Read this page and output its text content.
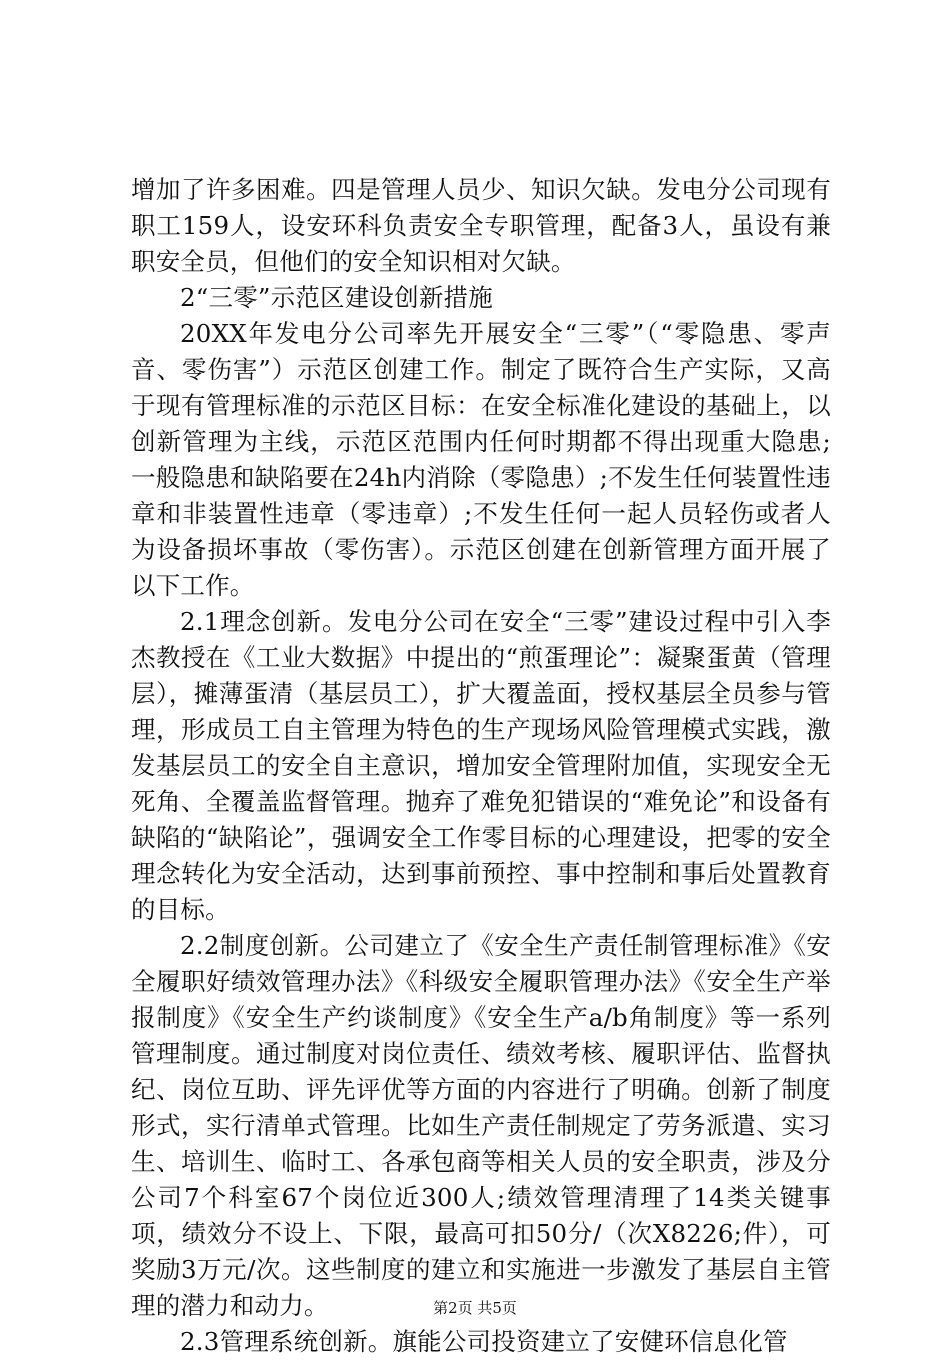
增加了许多困难。四是管理人员少、知识欠缺。发电分公司现有职工159人，设安环科负责安全专职管理，配备3人，虽设有兼职安全员，但他们的安全知识相对欠缺。

2“三零”示范区建设创新措施

20XX年发电分公司率先开展安全“三零”（“零隐患、零声音、零伤害”）示范区创建工作。制定了既符合生产实际，又高于现有管理标准的示范区目标：在安全标准化建设的基础上，以创新管理为主线，示范区范围内任何时期都不得出现重大隐患;一般隐患和缺陷要在24h内消除（零隐患）;不发生任何装置性违章和非装置性违章（零违章）;不发生任何一起人员轻伤或者人为设备损坏事故（零伤害）。示范区创建在创新管理方面开展了以下工作。

2.1理念创新。发电分公司在安全“三零”建设过程中引入李杰教授在《工业大数据》中提出的“煎蛋理论”：凝聚蛋黄（管理层），摊薄蛋清（基层员工），扩大覆盖面，授权基层全员参与管理，形成员工自主管理为特色的生产现场风险管理模式实践，激发基层员工的安全自主意识，增加安全管理附加值，实现安全无死角、全覆盖监督管理。抛弃了难免犯错误的“难免论”和设备有缺陷的“缺陷论”，强调安全工作零目标的心理建设，把零的安全理念转化为安全活动，达到事前预控、事中控制和事后处置教育的目标。

2.2制度创新。公司建立了《安全生产责任制管理标准》《安全履职好绩效管理办法》《科级安全履职管理办法》《安全生产举报制度》《安全生产约谈制度》《安全生产a/b角制度》等一系列管理制度。通过制度对岗位责任、绩效考核、履职评估、监督执纪、岗位互助、评先评优等方面的内容进行了明确。创新了制度形式，实行清单式管理。比如生产责任制规定了劳务派遣、实习生、培训生、临时工、各承包商等相关人员的安全职责，涉及分公司7个科室67个岗位近300人;绩效管理清理了14类关键事项，绩效分不设上、下限，最高可扣50分/（次X8226;件），可奖励3万元/次。这些制度的建立和实施进一步激发了基层自主管理的潜力和动力。

2.3管理系统创新。旗能公司投资建立了安健环信息化管

第2页 共5页
